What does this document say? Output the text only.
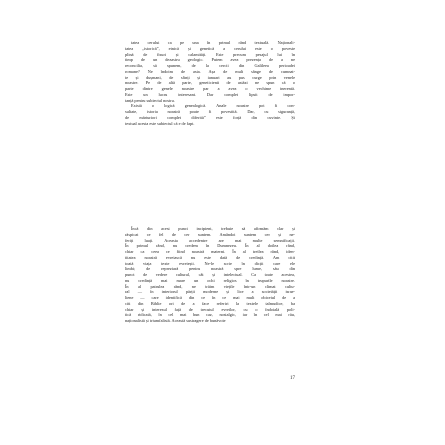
tatea cerului ca pe una în primul rând textuală. Naționali-
tatea „istorică”, etnică și genetică a cerului este o poveste
plină de fisuri și calamități. Este precum pesajul lui în
timp de un dezastru geologic. Putem avea prezența de a ne
reconcilia, să spunem, de la cercii din Galileea perioadei
romane? Ne îndoim de asta. Așa de mult sânge de cumnat-
te și dușmani, de sfinți și ianuari au pus curge prin venele
noastre. Pe de altă parte, geneticienii de astăzi ne spun că o
parte dintre genele noastre par a avea o vechime inerentă.
Este un lucru interesant. Dar complet lipsit de impor-
tanță pentru subiectul nostru.
Există o logică genealogică. Anale noastre pot fi con-
sultate, istoria noastră poate fi povestită. Dar, cu siguranță,
de mărturiori complet diferită” este forță din cuvinte. Și
textual acesta este subiectul că e de fapt.
Încă din acest punct incipient, trebuie să afirmăm clar și
răspicat ce fel de cer suntem. Amândoi suntem cer și ne-
feriți luați. Aceasta accedentre are mai multe semnificații.
În primul rând, nu credem în Dumnezeu. În al doilea rând,
chiar ca ceea ce fiind noastră materni. În al treilea rând, iden-
titatea noastră evreiască nu este dată de credință. Am citit
toată viața texte evreiești. Ne-le scrie în dicții care ele
limbi; de repreziară pentru noastră spre lume, său din
punct de vedere cultural, cât și intelectual. Ca toate acestea,
nu credință mai mare un ochi religios în trupurile noastre.
În al patrulea rând, ne trăim viețile într-un climat cultu-
ral — în interiorul părții moderne și lice a societății israe-
liene — care identifică din ce în ce mai mult obiceiul de a
citi din Biblie ori de a face referiri la textele talmudice, ba
chiar și interesul față de trecutul evreilor, cu o îndoială poli-
tică ridicată, în cel mai bun caz, nostalgic, iar în cel mai rău,
naționalistă și triumfalistă. Această sustragere de bunăvoie
17
